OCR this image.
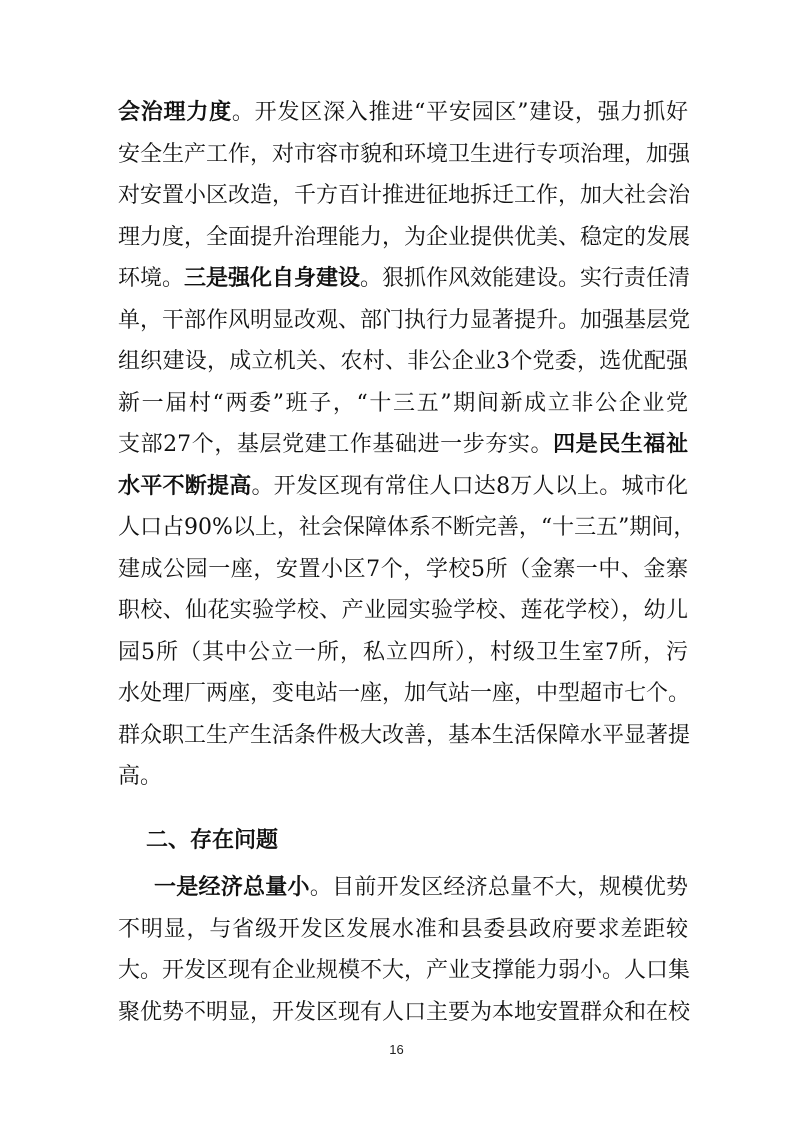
会治理力度。开发区深入推进“平安园区”建设，强力抓好
安全生产工作，对市容市貌和环境卫生进行专项治理，加强
对安置小区改造，千方百计推进征地拆迁工作，加大社会治
理力度，全面提升治理能力，为企业提供优美、稳定的发展
环境。三是强化自身建设。狠抓作风效能建设。实行责任清
单，干部作风明显改观、部门执行力显著提升。加强基层党
组织建设，成立机关、农村、非公企业3个党委，选优配强
新一届村“两委”班子，“十三五”期间新成立非公企业党
支部27个，基层党建工作基础进一步夯实。四是民生福祉
水平不断提高。开发区现有常住人口达8万人以上。城市化
人口占90%以上，社会保障体系不断完善，“十三五”期间，
建成公园一座，安置小区7个，学校5所（金寨一中、金寨
职校、仙花实验学校、产业园实验学校、莲花学校），幼儿
园5所（其中公立一所，私立四所），村级卫生室7所，污
水处理厂两座，变电站一座，加气站一座，中型超市七个。
群众职工生产生活条件极大改善，基本生活保障水平显著提
高。
二、存在问题
一是经济总量小。目前开发区经济总量不大，规模优势
不明显，与省级开发区发展水准和县委县政府要求差距较
大。开发区现有企业规模不大，产业支撑能力弱小。人口集
聚优势不明显，开发区现有人口主要为本地安置群众和在校
16
